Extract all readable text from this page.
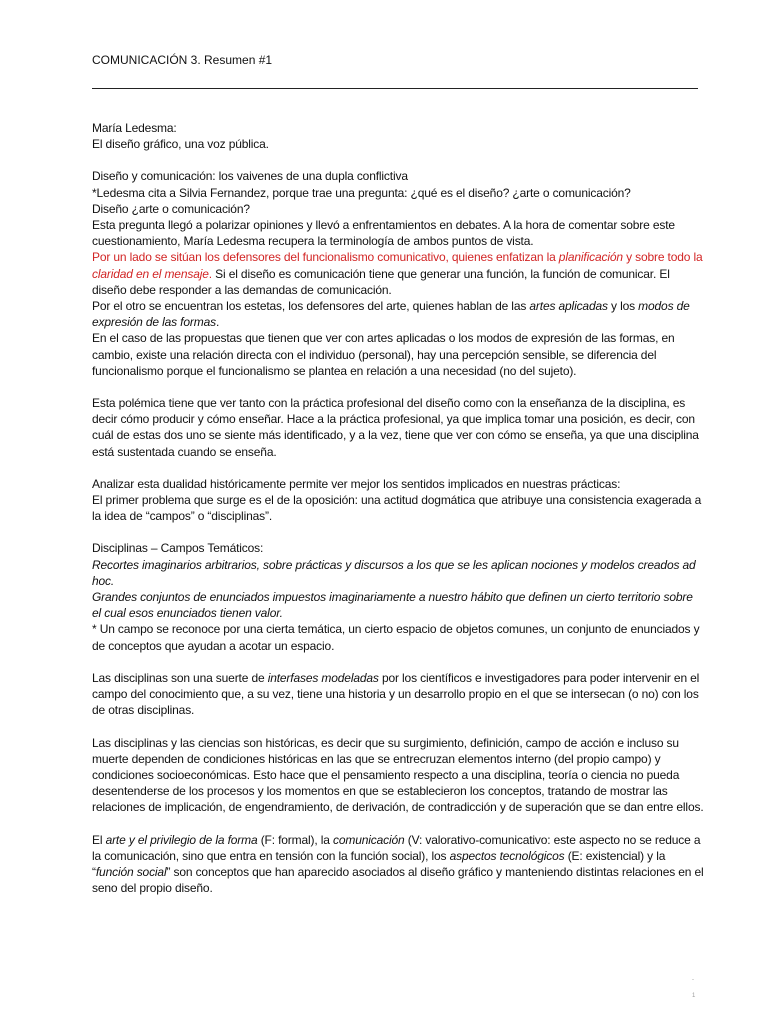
COMUNICACIÓN 3. Resumen #1

María Ledesma:

El diseño gráfico, una voz pública.

Diseño y comunicación: los vaivenes de una dupla conflictiva

*Ledesma cita a Silvia Fernandez, porque trae una pregunta: ¿qué es el diseño? ¿arte o comunicación?

Diseño ¿arte o comunicación?

Esta pregunta llegó a polarizar opiniones y llevó a enfrentamientos en debates. A la hora de comentar sobre este cuestionamiento, María Ledesma recupera la terminología de ambos puntos de vista.

Por un lado se sitúan los defensores del funcionalismo comunicativo, quienes enfatizan la planificación y sobre todo la claridad en el mensaje. Si el diseño es comunicación tiene que generar una función, la función de comunicar. El diseño debe responder a las demandas de comunicación.

Por el otro se encuentran los estetas, los defensores del arte, quienes hablan de las artes aplicadas y los modos de expresión de las formas.

En el caso de las propuestas que tienen que ver con artes aplicadas o los modos de expresión de las formas, en cambio, existe una relación directa con el individuo (personal), hay una percepción sensible, se diferencia del funcionalismo porque el funcionalismo se plantea en relación a una necesidad (no del sujeto).

Esta polémica tiene que ver tanto con la práctica profesional del diseño como con la enseñanza de la disciplina, es decir cómo producir y cómo enseñar. Hace a la práctica profesional, ya que implica tomar una posición, es decir, con cuál de estas dos uno se siente más identificado, y a la vez, tiene que ver con cómo se enseña, ya que una disciplina está sustentada cuando se enseña.

Analizar esta dualidad históricamente permite ver mejor los sentidos implicados en nuestras prácticas:

El primer problema que surge es el de la oposición: una actitud dogmática que atribuye una consistencia exagerada a la idea de “campos” o “disciplinas”.

Disciplinas – Campos Temáticos:

Recortes imaginarios arbitrarios, sobre prácticas y discursos a los que se les aplican nociones y modelos creados ad hoc.

Grandes conjuntos de enunciados impuestos imaginariamente a nuestro hábito que definen un cierto territorio sobre el cual esos enunciados tienen valor.

* Un campo se reconoce por una cierta temática, un cierto espacio de objetos comunes, un conjunto de enunciados y de conceptos que ayudan a acotar un espacio.

Las disciplinas son una suerte de interfases modeladas por los científicos e investigadores para poder intervenir en el campo del conocimiento que, a su vez, tiene una historia y un desarrollo propio en el que se intersecan (o no) con los de otras disciplinas.

Las disciplinas y las ciencias son históricas, es decir que su surgimiento, definición, campo de acción e incluso su muerte dependen de condiciones históricas en las que se entrecruzan elementos interno (del propio campo) y condiciones socioeconómicas. Esto hace que el pensamiento respecto a una disciplina, teoría o ciencia no pueda desentenderse de los procesos y los momentos en que se establecieron los conceptos, tratando de mostrar las relaciones de implicación, de engendramiento, de derivación, de contradicción y de superación que se dan entre ellos.

El arte y el privilegio de la forma (F: formal), la comunicación (V: valorativo-comunicativo: este aspecto no se reduce a la comunicación, sino que entra en tensión con la función social), los aspectos tecnológicos (E: existencial) y la “función social” son conceptos que han aparecido asociados al diseño gráfico y manteniendo distintas relaciones en el seno del propio diseño.

-
1
